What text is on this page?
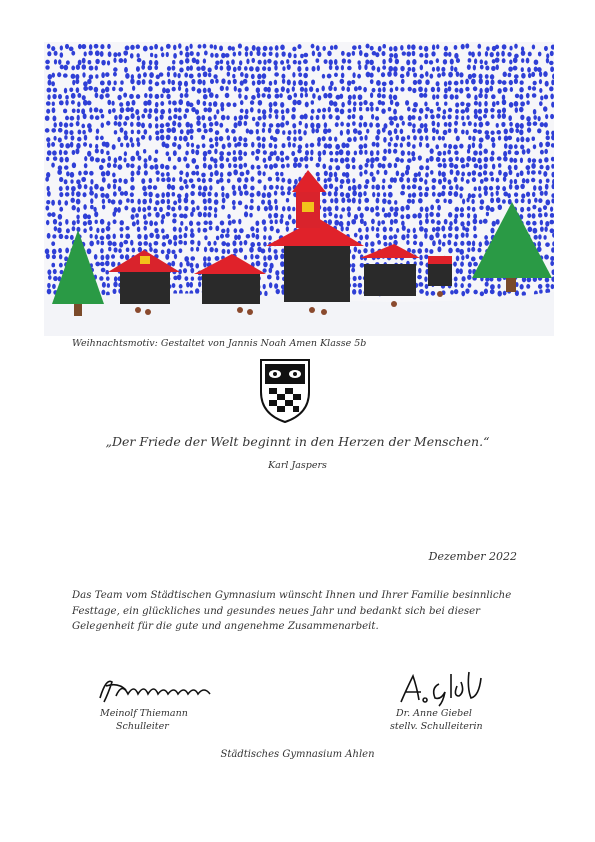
Weihnachtsmotiv: Gestaltet von Jannis Noah Amen Klasse 5b
„Der Friede der Welt beginnt in den Herzen der Menschen.“
Karl Jaspers
Dezember 2022
Das Team vom Städtischen Gymnasium wünscht Ihnen und Ihrer Familie besinnliche Festtage, ein glückliches und gesundes neues Jahr und bedankt sich bei dieser Gelegenheit für die gute und angenehme Zusammenarbeit.
Meinolf Thiemann
Schulleiter
Dr. Anne Giebel
stellv. Schulleiterin
Städtisches Gymnasium Ahlen
